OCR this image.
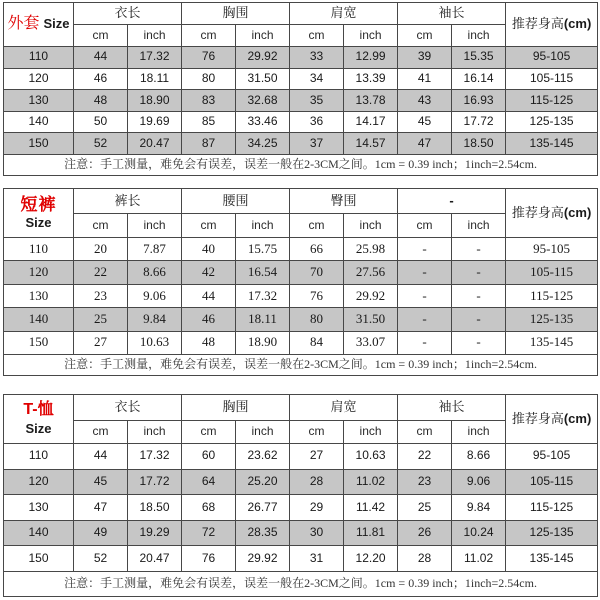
外套 Size	衣长		胸围		肩宽		袖长		推荐身高(cm)
	cm	inch	cm	inch	cm	inch	cm	inch	
110	44	17.32	76	29.92	33	12.99	39	15.35	95-105
120	46	18.11	80	31.50	34	13.39	41	16.14	105-115
130	48	18.90	83	32.68	35	13.78	43	16.93	115-125
140	50	19.69	85	33.46	36	14.17	45	17.72	125-135
150	52	20.47	87	34.25	37	14.57	47	18.50	135-145
注意：手工测量，难免会有误差，误差一般在2-3CM之间。1cm = 0.39 inch；1inch=2.54cm.									
短裤
Size	裤长		腰围		臀围		-		推荐身高(cm)
	cm	inch	cm	inch	cm	inch	cm	inch	
110	20	7.87	40	15.75	66	25.98	-	-	95-105
120	22	8.66	42	16.54	70	27.56	-	-	105-115
130	23	9.06	44	17.32	76	29.92	-	-	115-125
140	25	9.84	46	18.11	80	31.50	-	-	125-135
150	27	10.63	48	18.90	84	33.07	-	-	135-145
注意：手工测量，难免会有误差，误差一般在2-3CM之间。1cm = 0.39 inch；1inch=2.54cm.									
T-恤
Size	衣长		胸围		肩宽		袖长		推荐身高(cm)
	cm	inch	cm	inch	cm	inch	cm	inch	
110	44	17.32	60	23.62	27	10.63	22	8.66	95-105
120	45	17.72	64	25.20	28	11.02	23	9.06	105-115
130	47	18.50	68	26.77	29	11.42	25	9.84	115-125
140	49	19.29	72	28.35	30	11.81	26	10.24	125-135
150	52	20.47	76	29.92	31	12.20	28	11.02	135-145
注意：手工测量，难免会有误差，误差一般在2-3CM之间。1cm = 0.39 inch；1inch=2.54cm.									
